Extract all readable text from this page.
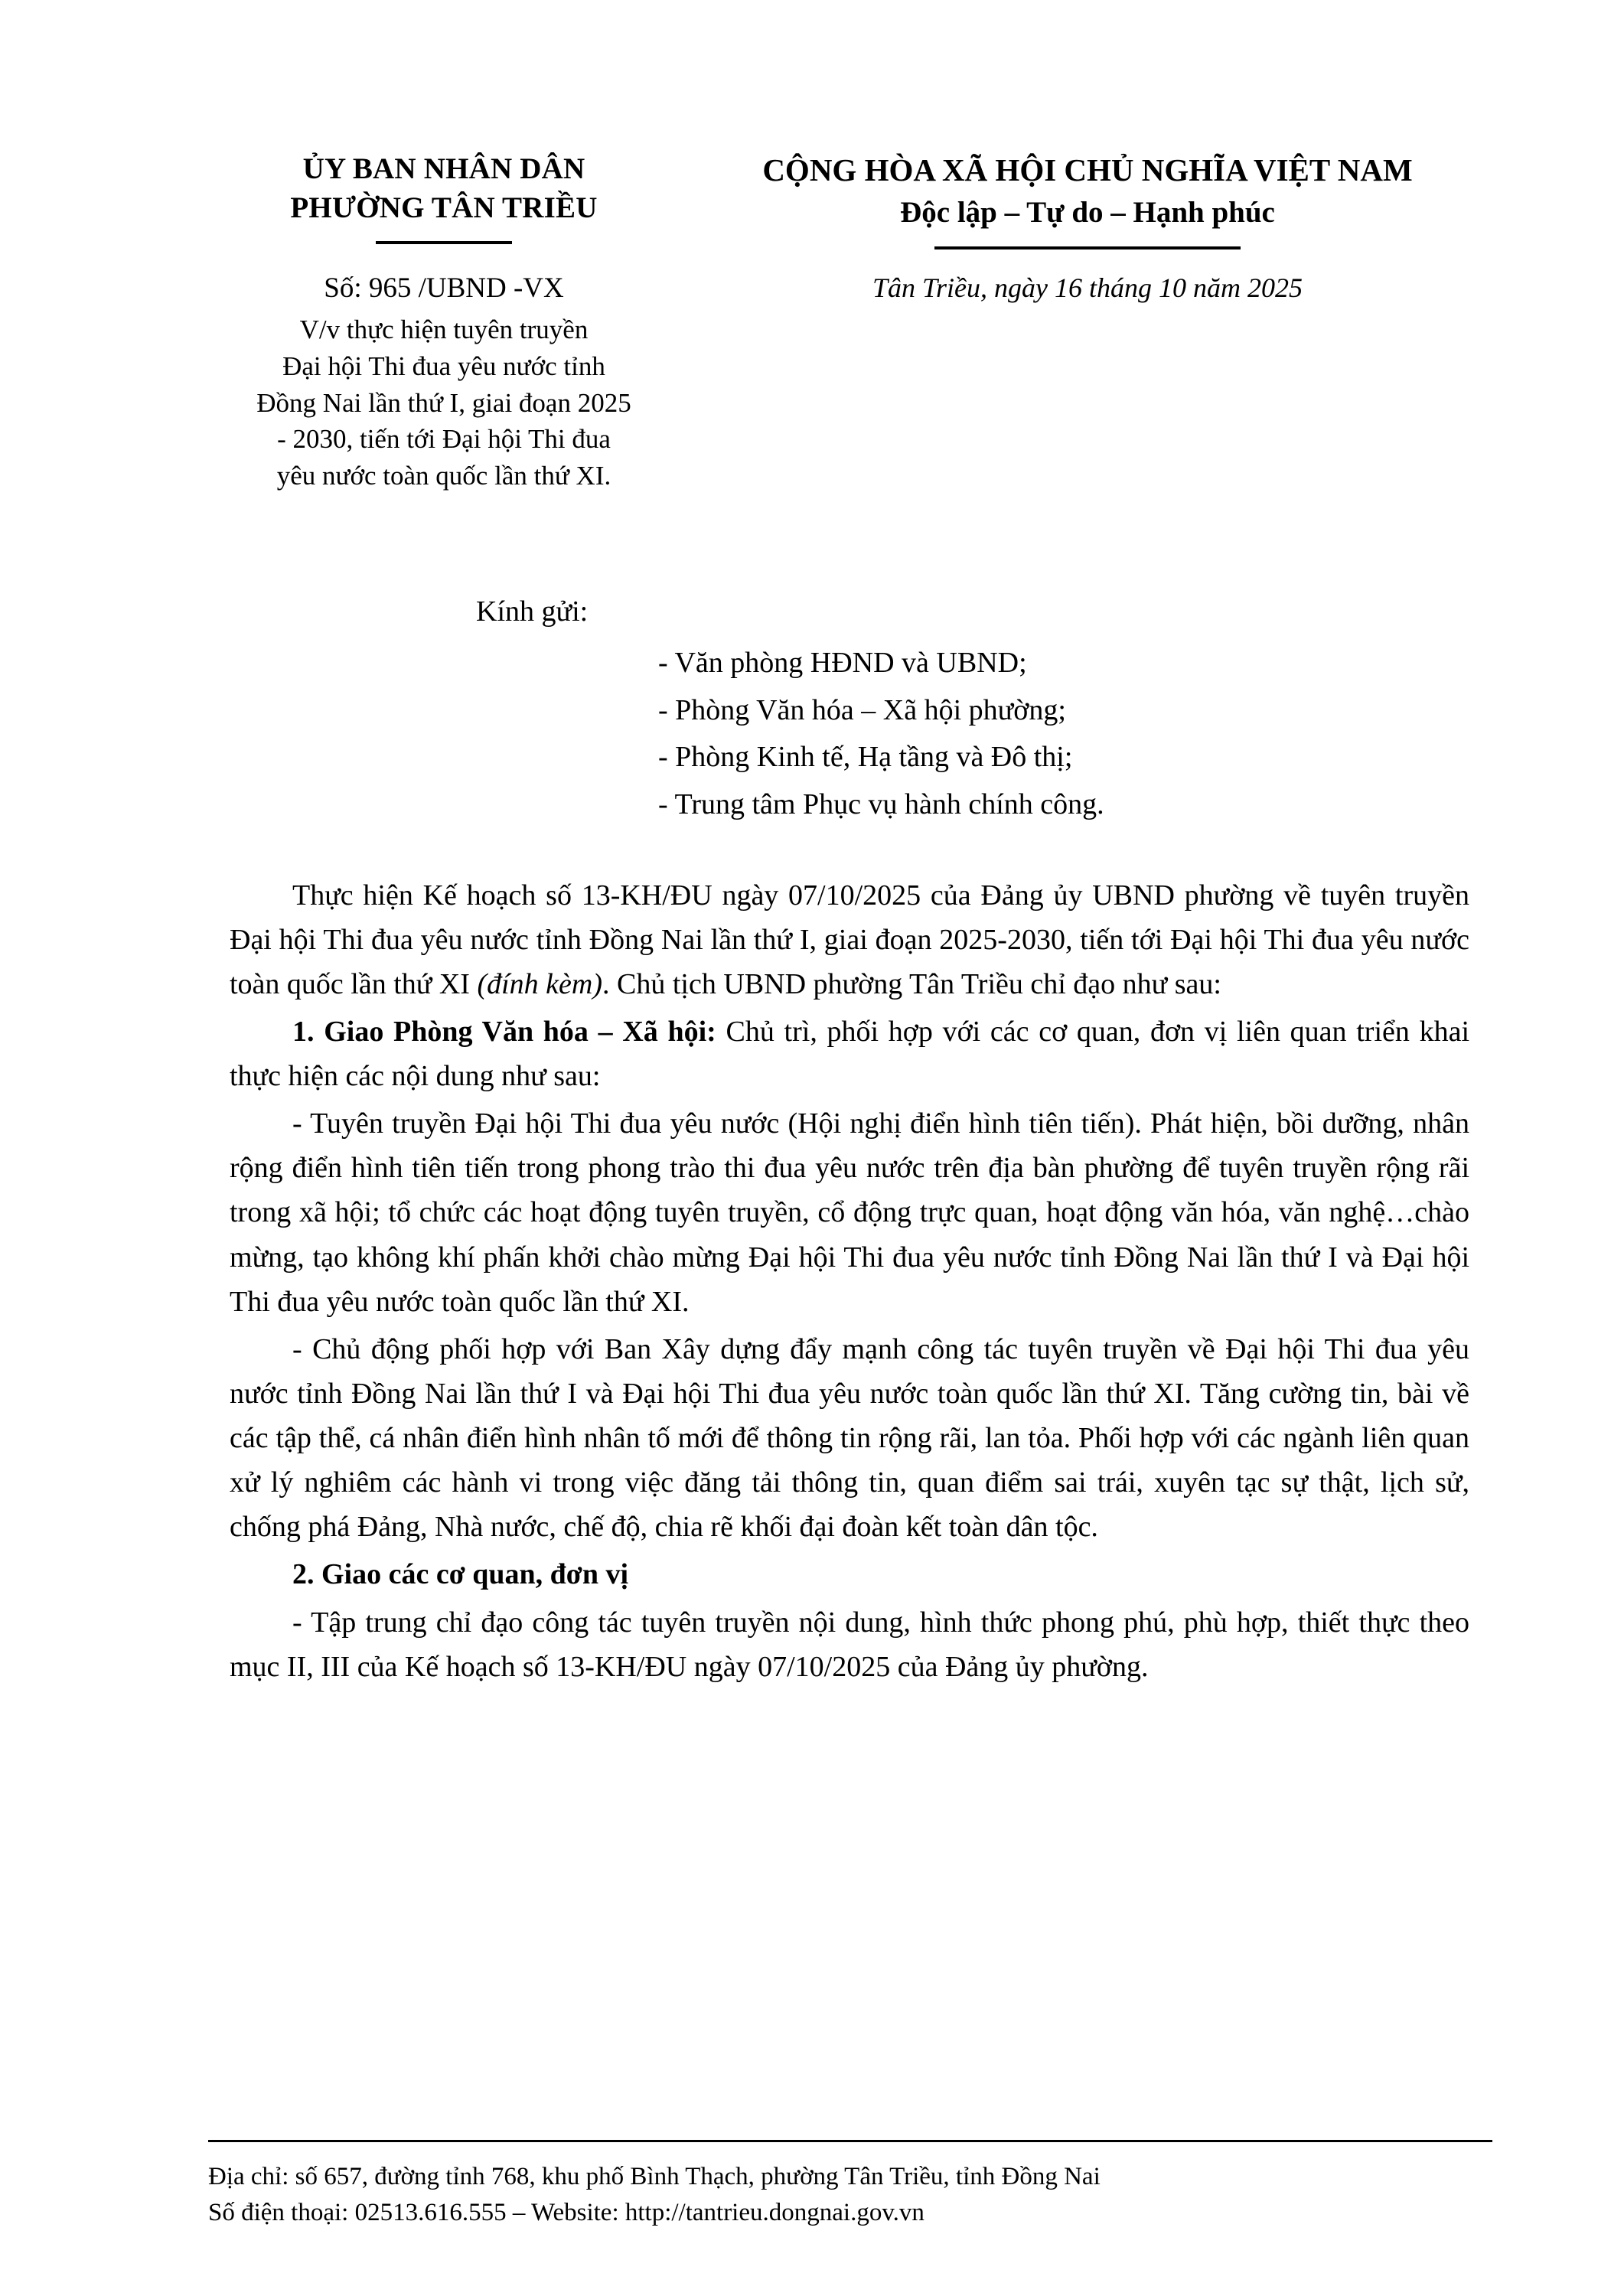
ỦY BAN NHÂN DÂN
PHƯỜNG TÂN TRIỀU
CỘNG HÒA XÃ HỘI CHỦ NGHĨA VIỆT NAM
Độc lập – Tự do – Hạnh phúc
Số: 965 /UBND -VX
V/v thực hiện tuyên truyền
Đại hội Thi đua yêu nước tỉnh
Đồng Nai lần thứ I, giai đoạn 2025
- 2030, tiến tới Đại hội Thi đua
yêu nước toàn quốc lần thứ XI.
Tân Triều, ngày 16 tháng 10 năm 2025
Kính gửi:
- Văn phòng HĐND và UBND;
- Phòng Văn hóa – Xã hội phường;
- Phòng Kinh tế, Hạ tầng và Đô thị;
- Trung tâm Phục vụ hành chính công.

Thực hiện Kế hoạch số 13-KH/ĐU ngày 07/10/2025 của Đảng ủy UBND phường về tuyên truyền Đại hội Thi đua yêu nước tỉnh Đồng Nai lần thứ I, giai đoạn 2025-2030, tiến tới Đại hội Thi đua yêu nước toàn quốc lần thứ XI (đính kèm). Chủ tịch UBND phường Tân Triều chỉ đạo như sau:

1. Giao Phòng Văn hóa – Xã hội: Chủ trì, phối hợp với các cơ quan, đơn vị liên quan triển khai thực hiện các nội dung như sau:

- Tuyên truyền Đại hội Thi đua yêu nước (Hội nghị điển hình tiên tiến). Phát hiện, bồi dưỡng, nhân rộng điển hình tiên tiến trong phong trào thi đua yêu nước trên địa bàn phường để tuyên truyền rộng rãi trong xã hội; tổ chức các hoạt động tuyên truyền, cổ động trực quan, hoạt động văn hóa, văn nghệ…chào mừng, tạo không khí phấn khởi chào mừng Đại hội Thi đua yêu nước tỉnh Đồng Nai lần thứ I và Đại hội Thi đua yêu nước toàn quốc lần thứ XI.

- Chủ động phối hợp với Ban Xây dựng đẩy mạnh công tác tuyên truyền về Đại hội Thi đua yêu nước tỉnh Đồng Nai lần thứ I và Đại hội Thi đua yêu nước toàn quốc lần thứ XI. Tăng cường tin, bài về các tập thể, cá nhân điển hình nhân tố mới để thông tin rộng rãi, lan tỏa. Phối hợp với các ngành liên quan xử lý nghiêm các hành vi trong việc đăng tải thông tin, quan điểm sai trái, xuyên tạc sự thật, lịch sử, chống phá Đảng, Nhà nước, chế độ, chia rẽ khối đại đoàn kết toàn dân tộc.

2. Giao các cơ quan, đơn vị

- Tập trung chỉ đạo công tác tuyên truyền nội dung, hình thức phong phú, phù hợp, thiết thực theo mục II, III của Kế hoạch số 13-KH/ĐU ngày 07/10/2025 của Đảng ủy phường.

Địa chỉ: số 657, đường tỉnh 768, khu phố Bình Thạch, phường Tân Triều, tỉnh Đồng Nai
Số điện thoại: 02513.616.555 – Website: http://tantrieu.dongnai.gov.vn
